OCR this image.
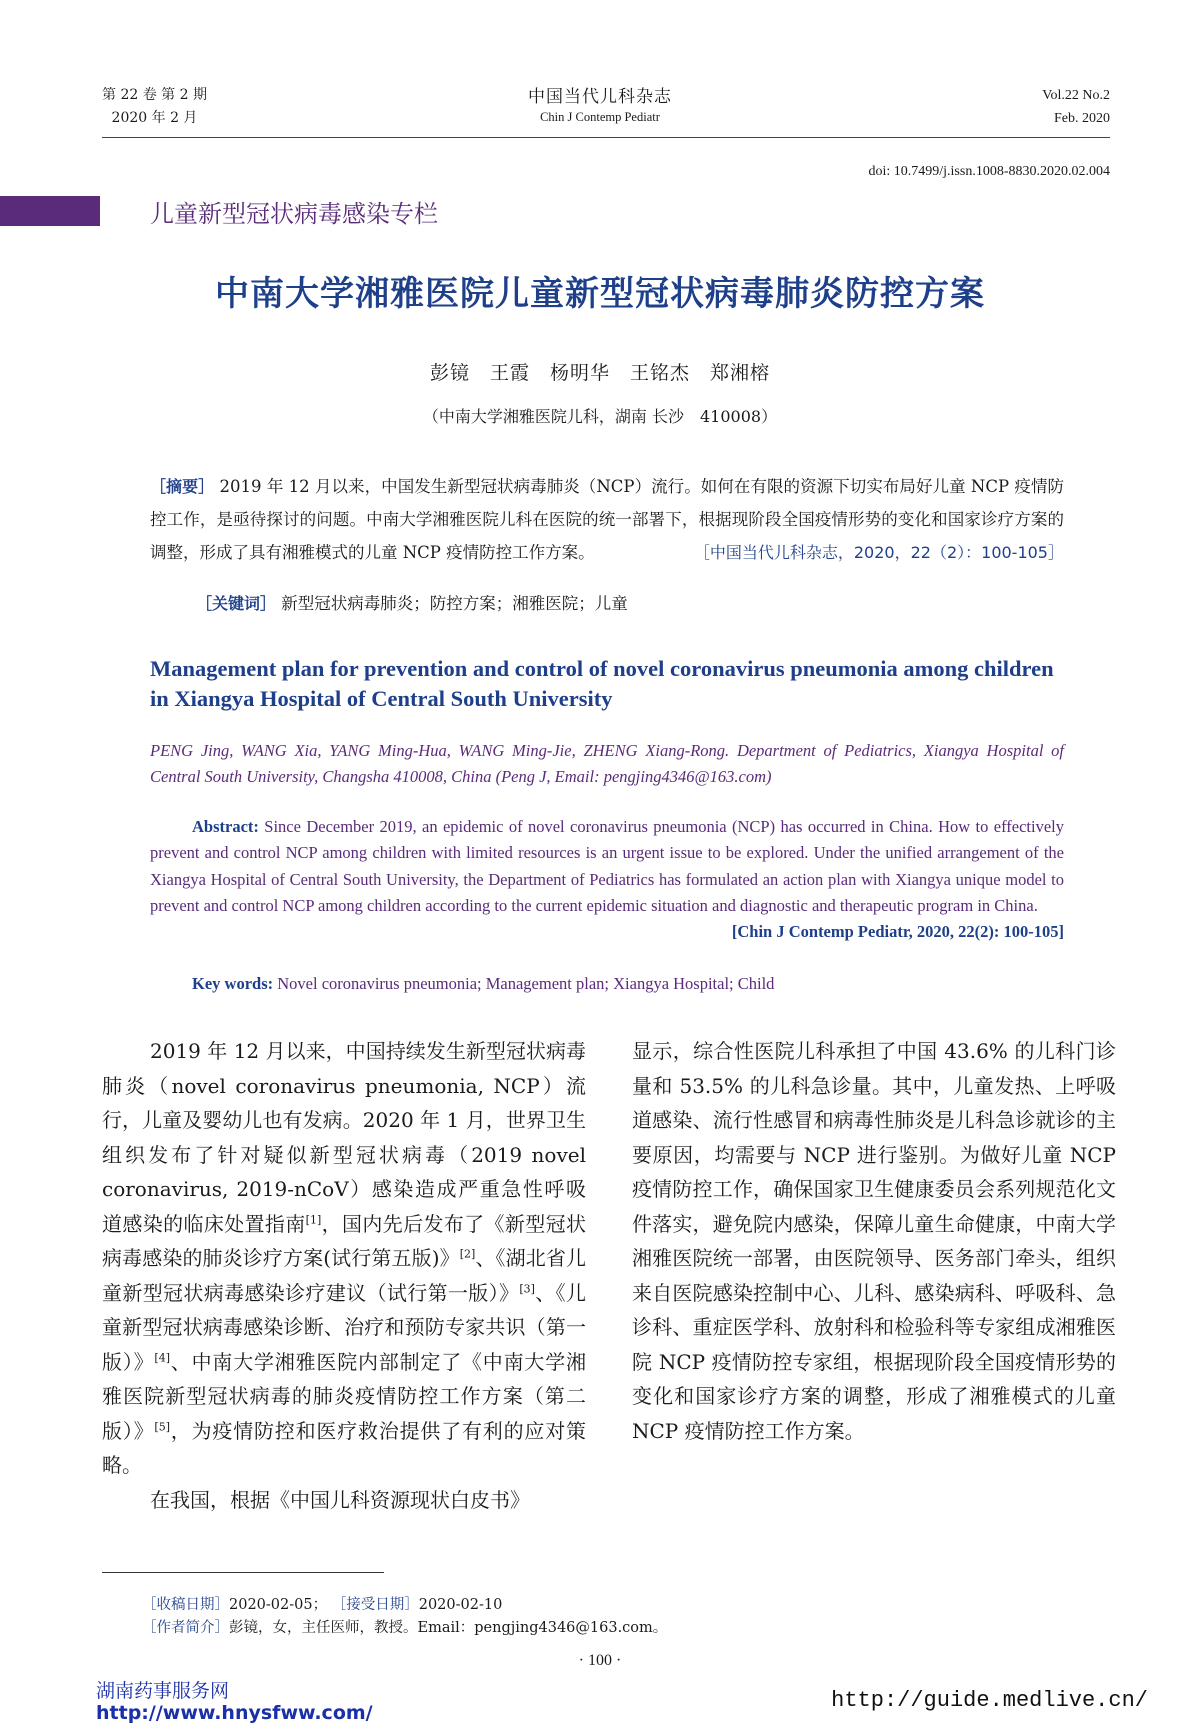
第 22 卷 第 2 期
2020 年 2 月
中国当代儿科杂志
Chin J Contemp Pediatr
Vol.22 No.2
Feb. 2020
doi: 10.7499/j.issn.1008-8830.2020.02.004
儿童新型冠状病毒感染专栏
中南大学湘雅医院儿童新型冠状病毒肺炎防控方案
彭镜　王霞　杨明华　王铭杰　郑湘榕
（中南大学湘雅医院儿科，湖南 长沙　410008）
［摘要］ 2019 年 12 月以来，中国发生新型冠状病毒肺炎（NCP）流行。如何在有限的资源下切实布局好儿童 NCP 疫情防控工作，是亟待探讨的问题。中南大学湘雅医院儿科在医院的统一部署下，根据现阶段全国疫情形势的变化和国家诊疗方案的调整，形成了具有湘雅模式的儿童 NCP 疫情防控工作方案。	［中国当代儿科杂志，2020，22（2）：100-105］
［关键词］ 新型冠状病毒肺炎；防控方案；湘雅医院；儿童
Management plan for prevention and control of novel coronavirus pneumonia among children in Xiangya Hospital of Central South University
PENG Jing, WANG Xia, YANG Ming-Hua, WANG Ming-Jie, ZHENG Xiang-Rong. Department of Pediatrics, Xiangya Hospital of Central South University, Changsha 410008, China (Peng J, Email: pengjing4346@163.com)
Abstract: Since December 2019, an epidemic of novel coronavirus pneumonia (NCP) has occurred in China. How to effectively prevent and control NCP among children with limited resources is an urgent issue to be explored. Under the unified arrangement of the Xiangya Hospital of Central South University, the Department of Pediatrics has formulated an action plan with Xiangya unique model to prevent and control NCP among children according to the current epidemic situation and diagnostic and therapeutic program in China.
[Chin J Contemp Pediatr, 2020, 22(2): 100-105]
Key words: Novel coronavirus pneumonia; Management plan; Xiangya Hospital; Child

2019 年 12 月以来，中国持续发生新型冠状病毒肺炎（novel coronavirus pneumonia, NCP）流行，儿童及婴幼儿也有发病。2020 年 1 月，世界卫生组织发布了针对疑似新型冠状病毒（2019 novel coronavirus, 2019-nCoV）感染造成严重急性呼吸道感染的临床处置指南[1]，国内先后发布了《新型冠状病毒感染的肺炎诊疗方案(试行第五版)》[2]、《湖北省儿童新型冠状病毒感染诊疗建议（试行第一版）》[3]、《儿童新型冠状病毒感染诊断、治疗和预防专家共识（第一版）》[4]、中南大学湘雅医院内部制定了《中南大学湘雅医院新型冠状病毒的肺炎疫情防控工作方案（第二版）》[5]，为疫情防控和医疗救治提供了有利的应对策略。

在我国，根据《中国儿科资源现状白皮书》

显示，综合性医院儿科承担了中国 43.6% 的儿科门诊量和 53.5% 的儿科急诊量。其中，儿童发热、上呼吸道感染、流行性感冒和病毒性肺炎是儿科急诊就诊的主要原因，均需要与 NCP 进行鉴别。为做好儿童 NCP 疫情防控工作，确保国家卫生健康委员会系列规范化文件落实，避免院内感染，保障儿童生命健康，中南大学湘雅医院统一部署，由医院领导、医务部门牵头，组织来自医院感染控制中心、儿科、感染病科、呼吸科、急诊科、重症医学科、放射科和检验科等专家组成湘雅医院 NCP 疫情防控专家组，根据现阶段全国疫情形势的变化和国家诊疗方案的调整，形成了湘雅模式的儿童 NCP 疫情防控工作方案。

［收稿日期］2020-02-05； ［接受日期］2020-02-10
［作者简介］彭镜，女，主任医师，教授。Email：pengjing4346@163.com。
· 100 ·
湖南药事服务网
http://www.hnysfww.com/	http://guide.medlive.cn/
